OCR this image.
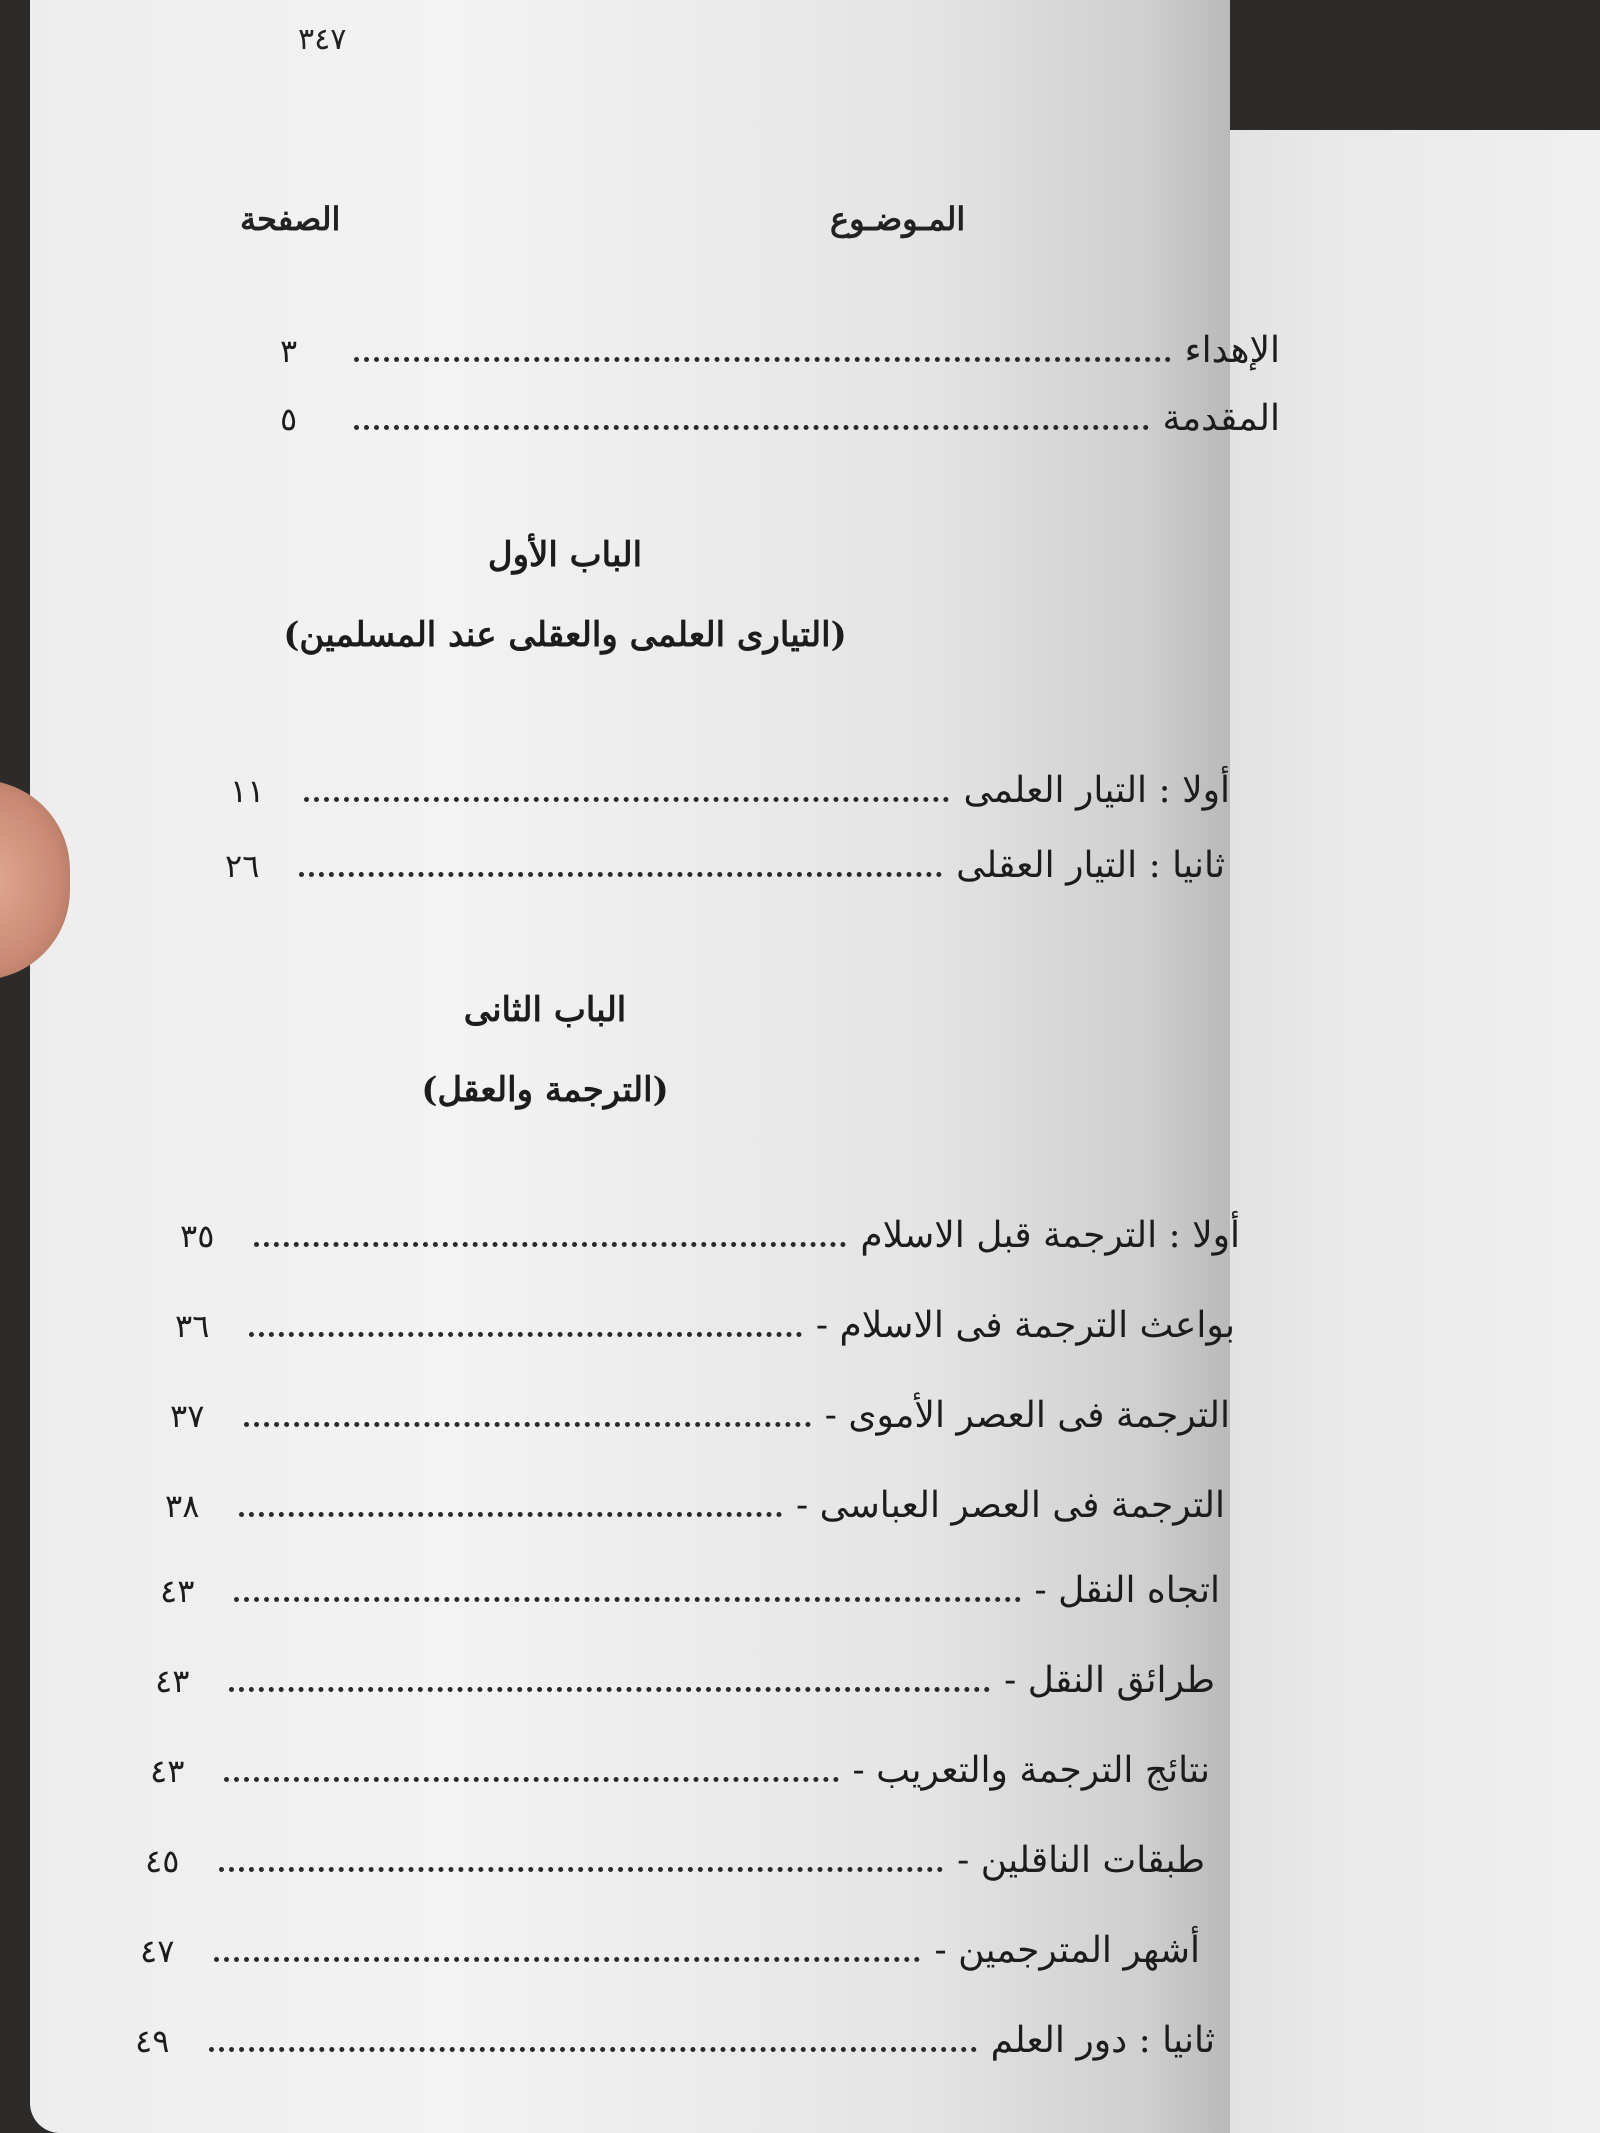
٣٤٧
المـوضـوع
الصفحة
الإهداء
٣
المقدمة
٥
الباب الأول
(التيارى العلمى والعقلى عند المسلمين)
أولا : التيار العلمى
١١
ثانيا : التيار العقلى
٢٦
الباب الثانى
(الترجمة والعقل)
أولا : الترجمة قبل الاسلام
٣٥
- بواعث الترجمة فى الاسلام
٣٦
- الترجمة فى العصر الأموى
٣٧
- الترجمة فى العصر العباسى
٣٨
- اتجاه النقل
٤٣
- طرائق النقل
٤٣
- نتائج الترجمة والتعريب
٤٣
- طبقات الناقلين
٤٥
- أشهر المترجمين
٤٧
ثانيا : دور العلم
٤٩
